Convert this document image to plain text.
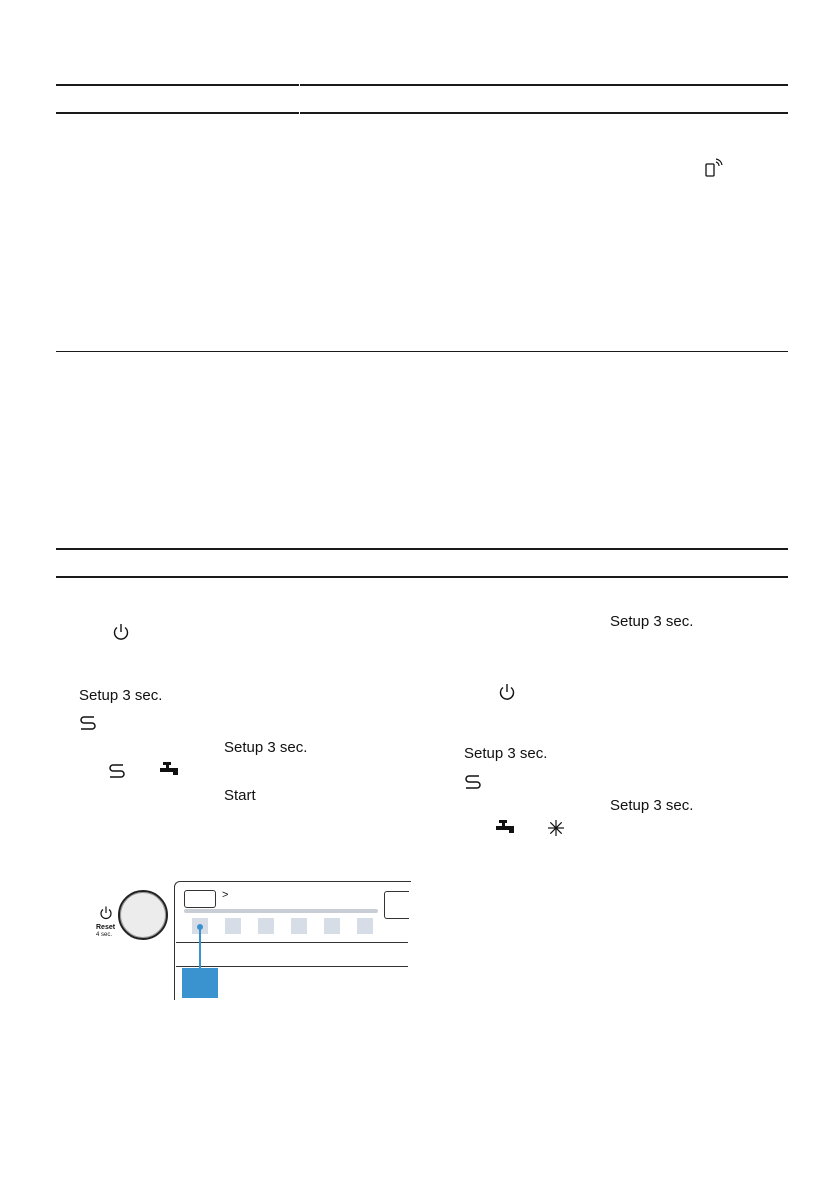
Setup 3 sec.
Setup 3 sec.
Start
Reset
4 sec.
>
Setup 3 sec.
Setup 3 sec.
Setup 3 sec.
